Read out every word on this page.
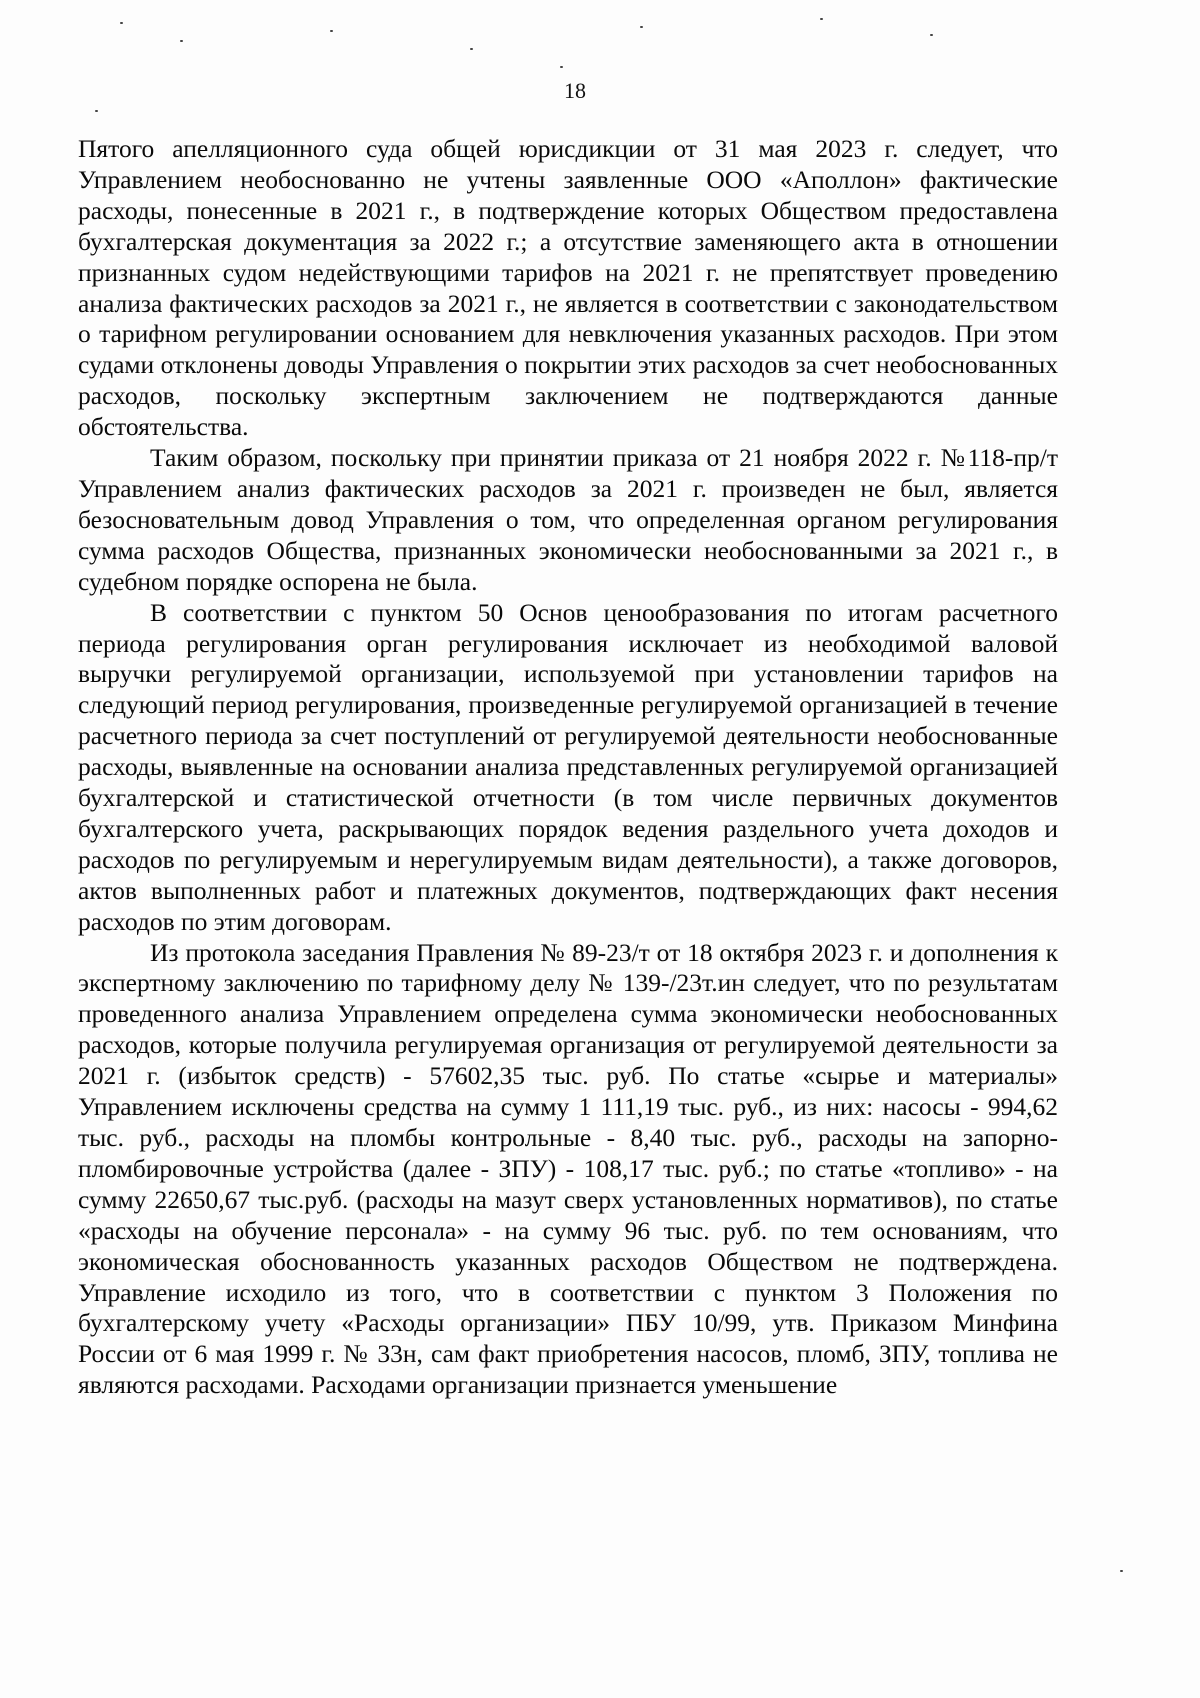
18

Пятого апелляционного суда общей юрисдикции от 31 мая 2023 г. следует, что Управлением необоснованно не учтены заявленные ООО «Аполлон» фактические расходы, понесенные в 2021 г., в подтверждение которых Обществом предоставлена бухгалтерская документация за 2022 г.; а отсутствие заменяющего акта в отношении признанных судом недействующими тарифов на 2021 г. не препятствует проведению анализа фактических расходов за 2021 г., не является в соответствии с законодательством о тарифном регулировании основанием для невключения указанных расходов. При этом судами отклонены доводы Управления о покрытии этих расходов за счет необоснованных расходов, поскольку экспертным заключением не подтверждаются данные обстоятельства.

Таким образом, поскольку при принятии приказа от 21 ноября 2022 г. №118-пр/т Управлением анализ фактических расходов за 2021 г. произведен не был, является безосновательным довод Управления о том, что определенная органом регулирования сумма расходов Общества, признанных экономически необоснованными за 2021 г., в судебном порядке оспорена не была.

В соответствии с пунктом 50 Основ ценообразования по итогам расчетного периода регулирования орган регулирования исключает из необходимой валовой выручки регулируемой организации, используемой при установлении тарифов на следующий период регулирования, произведенные регулируемой организацией в течение расчетного периода за счет поступлений от регулируемой деятельности необоснованные расходы, выявленные на основании анализа представленных регулируемой организацией бухгалтерской и статистической отчетности (в том числе первичных документов бухгалтерского учета, раскрывающих порядок ведения раздельного учета доходов и расходов по регулируемым и нерегулируемым видам деятельности), а также договоров, актов выполненных работ и платежных документов, подтверждающих факт несения расходов по этим договорам.

Из протокола заседания Правления № 89-23/т от 18 октября 2023 г. и дополнения к экспертному заключению по тарифному делу № 139-/23т.ин следует, что по результатам проведенного анализа Управлением определена сумма экономически необоснованных расходов, которые получила регулируемая организация от регулируемой деятельности за 2021 г. (избыток средств) - 57602,35 тыс. руб. По статье «сырье и материалы» Управлением исключены средства на сумму 1 111,19 тыс. руб., из них: насосы - 994,62 тыс. руб., расходы на пломбы контрольные - 8,40 тыс. руб., расходы на запорно-пломбировочные устройства (далее - ЗПУ) - 108,17 тыс. руб.; по статье «топливо» - на сумму 22650,67 тыс.руб. (расходы на мазут сверх установленных нормативов), по статье «расходы на обучение персонала» - на сумму 96 тыс. руб. по тем основаниям, что экономическая обоснованность указанных расходов Обществом не подтверждена. Управление исходило из того, что в соответствии с пунктом 3 Положения по бухгалтерскому учету «Расходы организации» ПБУ 10/99, утв. Приказом Минфина России от 6 мая 1999 г. № 33н, сам факт приобретения насосов, пломб, ЗПУ, топлива не являются расходами. Расходами организации признается уменьшение
